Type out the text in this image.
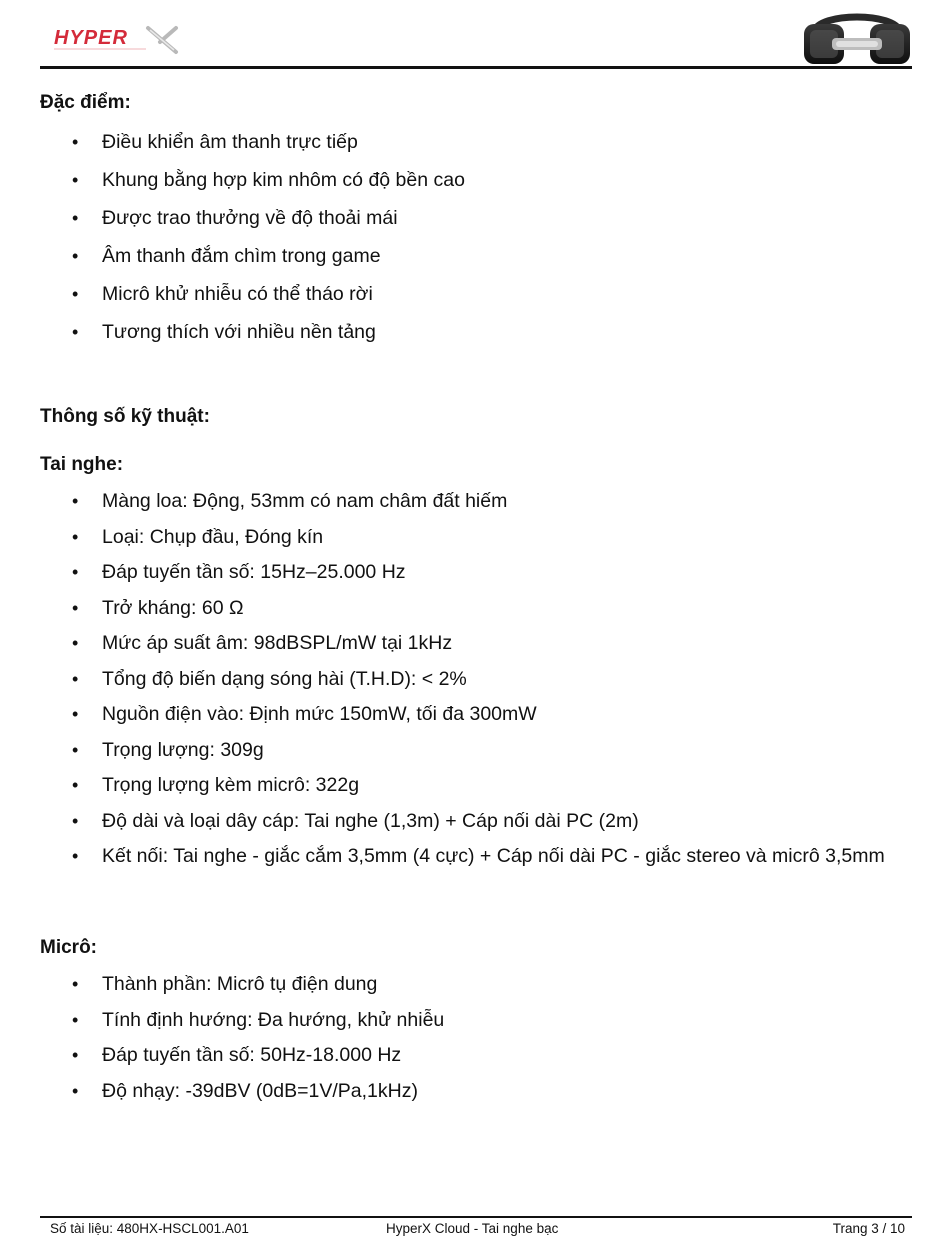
HYPER
Đặc điểm:
• Điều khiển âm thanh trực tiếp
• Khung bằng hợp kim nhôm có độ bền cao
• Được trao thưởng về độ thoải mái
• Âm thanh đắm chìm trong game
• Micrô khử nhiễu có thể tháo rời
• Tương thích với nhiều nền tảng
Thông số kỹ thuật:
Tai nghe:
• Màng loa: Động, 53mm có nam châm đất hiếm
• Loại: Chụp đầu, Đóng kín
• Đáp tuyến tần số: 15Hz–25.000 Hz
• Trở kháng: 60 Ω
• Mức áp suất âm: 98dBSPL/mW tại 1kHz
• Tổng độ biến dạng sóng hài (T.H.D): < 2%
• Nguồn điện vào: Định mức 150mW, tối đa 300mW
• Trọng lượng: 309g
• Trọng lượng kèm micrô: 322g
• Độ dài và loại dây cáp: Tai nghe (1,3m) + Cáp nối dài PC (2m)
• Kết nối: Tai nghe - giắc cắm 3,5mm (4 cực) + Cáp nối dài PC - giắc stereo và micrô 3,5mm
Micrô:
• Thành phần: Micrô tụ điện dung
• Tính định hướng: Đa hướng, khử nhiễu
• Đáp tuyến tần số: 50Hz-18.000 Hz
• Độ nhạy: -39dBV (0dB=1V/Pa,1kHz)
Số tài liệu: 480HX-HSCL001.A01	HyperX Cloud - Tai nghe bạc	Trang 3 / 10
